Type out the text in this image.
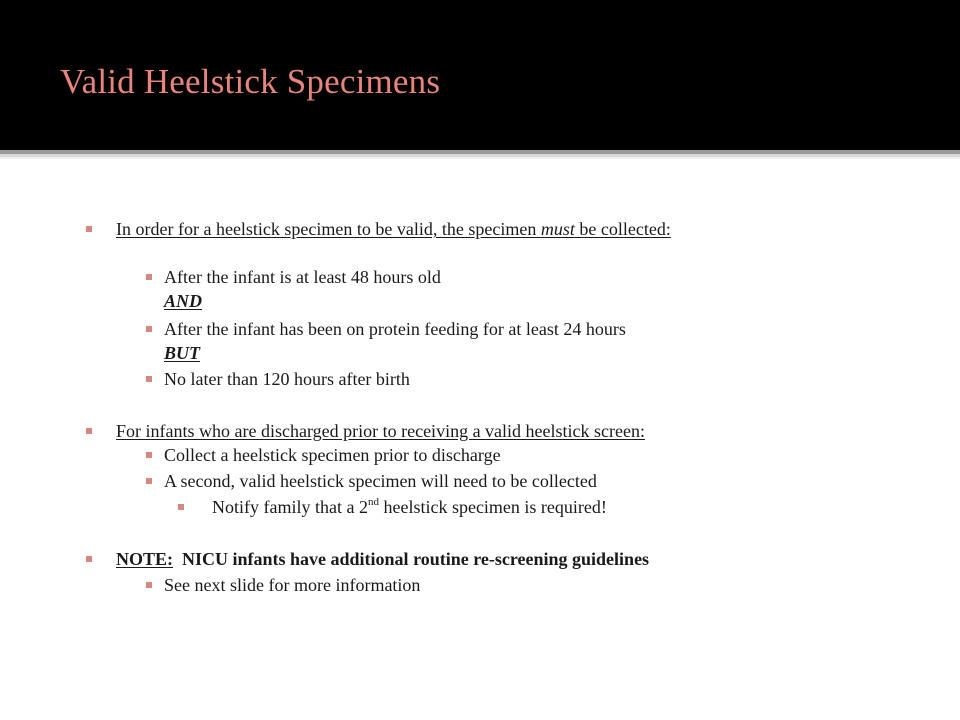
Valid Heelstick Specimens
In order for a heelstick specimen to be valid, the specimen must be collected:
After the infant is at least 48 hours old
AND
After the infant has been on protein feeding for at least 24 hours
BUT
No later than 120 hours after birth
For infants who are discharged prior to receiving a valid heelstick screen:
Collect a heelstick specimen prior to discharge
A second, valid heelstick specimen will need to be collected
Notify family that a 2nd heelstick specimen is required!
NOTE:  NICU infants have additional routine re-screening guidelines
See next slide for more information
